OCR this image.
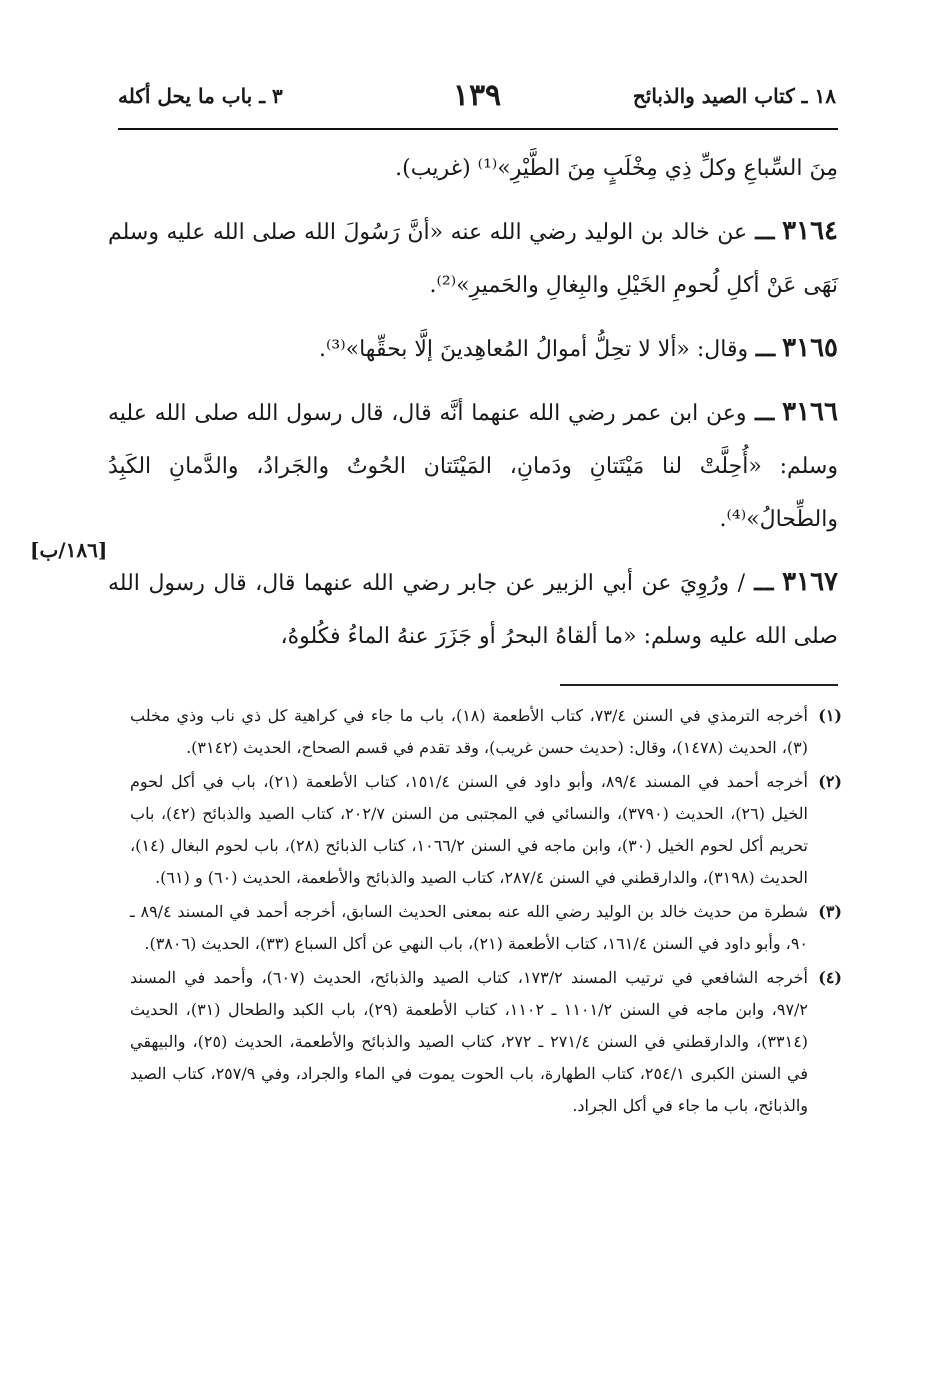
١٨ ـ كتاب الصيد والذبائح
١٣٩
٣ ـ باب ما يحل أكله

مِنَ السِّباعِ وكلِّ ذِي مِخْلَبٍ مِنَ الطَّيْرِ»⁽¹⁾ (غريب).

٣١٦٤ ـــ عن خالد بن الوليد رضي الله عنه «أنَّ رَسُولَ الله صلى الله عليه وسلم نَهَى عَنْ أكلِ لُحومِ الخَيْلِ والبِغالِ والحَميرِ»⁽²⁾.

٣١٦٥ ـــ وقال: «ألا لا تحِلُّ أموالُ المُعاهِدينَ إلَّا بحقِّها»⁽³⁾.

٣١٦٦ ـــ وعن ابن عمر رضي الله عنهما أنَّه قال، قال رسول الله صلى الله عليه وسلم: «أُحِلَّتْ لنا مَيْتَتانِ ودَمانِ، المَيْتَتان الحُوتُ والجَرادُ، والدَّمانِ الكَبِدُ والطِّحالُ»⁽⁴⁾.

٣١٦٧ ـــ / ورُوِيَ عن أبي الزبير عن جابر رضي الله عنهما قال، قال رسول الله صلى الله عليه وسلم: «ما ألقاهُ البحرُ أو جَزَرَ عنهُ الماءُ فكُلوهُ،

[١٨٦/ب]
(١)
أخرجه الترمذي في السنن ٧٣/٤، كتاب الأطعمة (١٨)، باب ما جاء في كراهية كل ذي ناب وذي مخلب (٣)، الحديث (١٤٧٨)، وقال: (حديث حسن غريب)، وقد تقدم في قسم الصحاح، الحديث (٣١٤٢).
(٢)
أخرجه أحمد في المسند ٨٩/٤، وأبو داود في السنن ١٥١/٤، كتاب الأطعمة (٢١)، باب في أكل لحوم الخيل (٢٦)، الحديث (٣٧٩٠)، والنسائي في المجتبى من السنن ٢٠٢/٧، كتاب الصيد والذبائح (٤٢)، باب تحريم أكل لحوم الخيل (٣٠)، وابن ماجه في السنن ١٠٦٦/٢، كتاب الذبائح (٢٨)، باب لحوم البغال (١٤)، الحديث (٣١٩٨)، والدارقطني في السنن ٢٨٧/٤، كتاب الصيد والذبائح والأطعمة، الحديث (٦٠) و (٦١).
(٣)
شطرة من حديث خالد بن الوليد رضي الله عنه بمعنى الحديث السابق، أخرجه أحمد في المسند ٨٩/٤ ـ ٩٠، وأبو داود في السنن ١٦١/٤، كتاب الأطعمة (٢١)، باب النهي عن أكل السباع (٣٣)، الحديث (٣٨٠٦).
(٤)
أخرجه الشافعي في ترتيب المسند ١٧٣/٢، كتاب الصيد والذبائح، الحديث (٦٠٧)، وأحمد في المسند ٩٧/٢، وابن ماجه في السنن ١١٠١/٢ ـ ١١٠٢، كتاب الأطعمة (٢٩)، باب الكبد والطحال (٣١)، الحديث (٣٣١٤)، والدارقطني في السنن ٢٧١/٤ ـ ٢٧٢، كتاب الصيد والذبائح والأطعمة، الحديث (٢٥)، والبيهقي في السنن الكبرى ٢٥٤/١، كتاب الطهارة، باب الحوت يموت في الماء والجراد، وفي ٢٥٧/٩، كتاب الصيد والذبائح، باب ما جاء في أكل الجراد.
